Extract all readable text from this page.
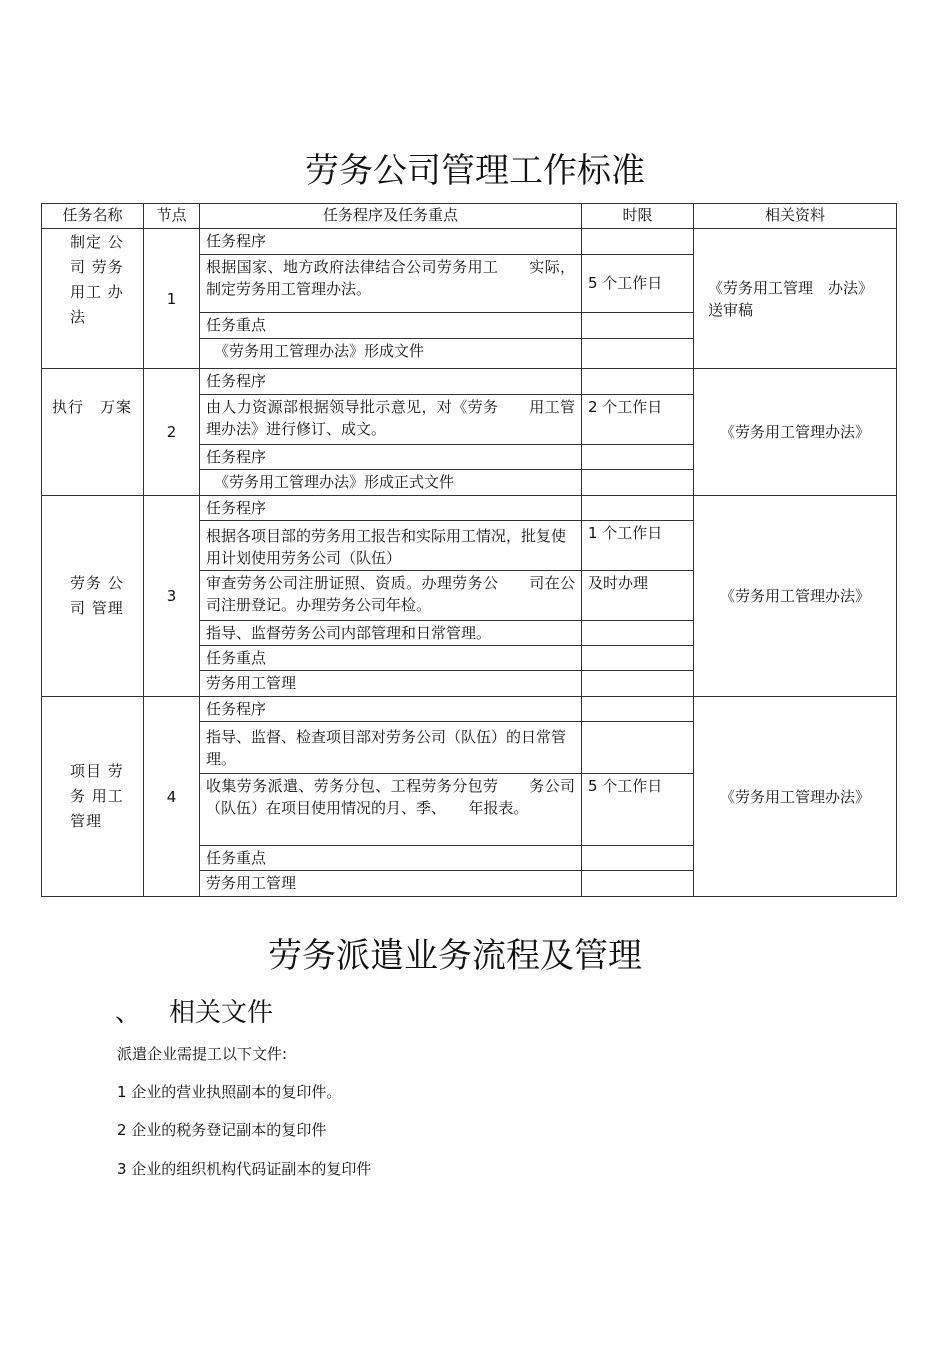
劳务公司管理工作标准
任务名称	节点	任务程序及任务重点	时限	相关资料
制定 公司 劳务用工 办法	1	任务程序		《劳务用工管理　办法》送审稿
		根据国家、地方政府法律结合公司劳务用工　　实际，制定劳务用工管理办法。	5 个工作日	
		任务重点		
		《劳务用工管理办法》形成文件		
执行　万案	2	任务程序		《劳务用工管理办法》
		由人力资源部根据领导批示意见，对《劳务　　用工管理办法》进行修订、成文。	2 个工作日	
		任务程序		
		《劳务用工管理办法》形成正式文件		
劳务 公司 管理	3	任务程序		《劳务用工管理办法》
		根据各项目部的劳务用工报告和实际用工情况，批复使用计划使用劳务公司（队伍）	1 个工作日	
		审查劳务公司注册证照、资质。办理劳务公　　司在公司注册登记。办理劳务公司年检。	及时办理	
		指导、监督劳务公司内部管理和日常管理。		
		任务重点		
		劳务用工管理		
项目 劳务 用工 管理	4	任务程序		《劳务用工管理办法》
		指导、监督、检查项目部对劳务公司（队伍）的日常管理。		
		收集劳务派遣、劳务分包、工程劳务分包劳　　务公司（队伍）在项目使用情况的月、季、　　年报表。	5 个工作日	
		任务重点		
		劳务用工管理		
劳务派遣业务流程及管理
、 相关文件

派遣企业需提工以下文件:

1 企业的营业执照副本的复印件。

2 企业的税务登记副本的复印件

3 企业的组织机构代码证副本的复印件
